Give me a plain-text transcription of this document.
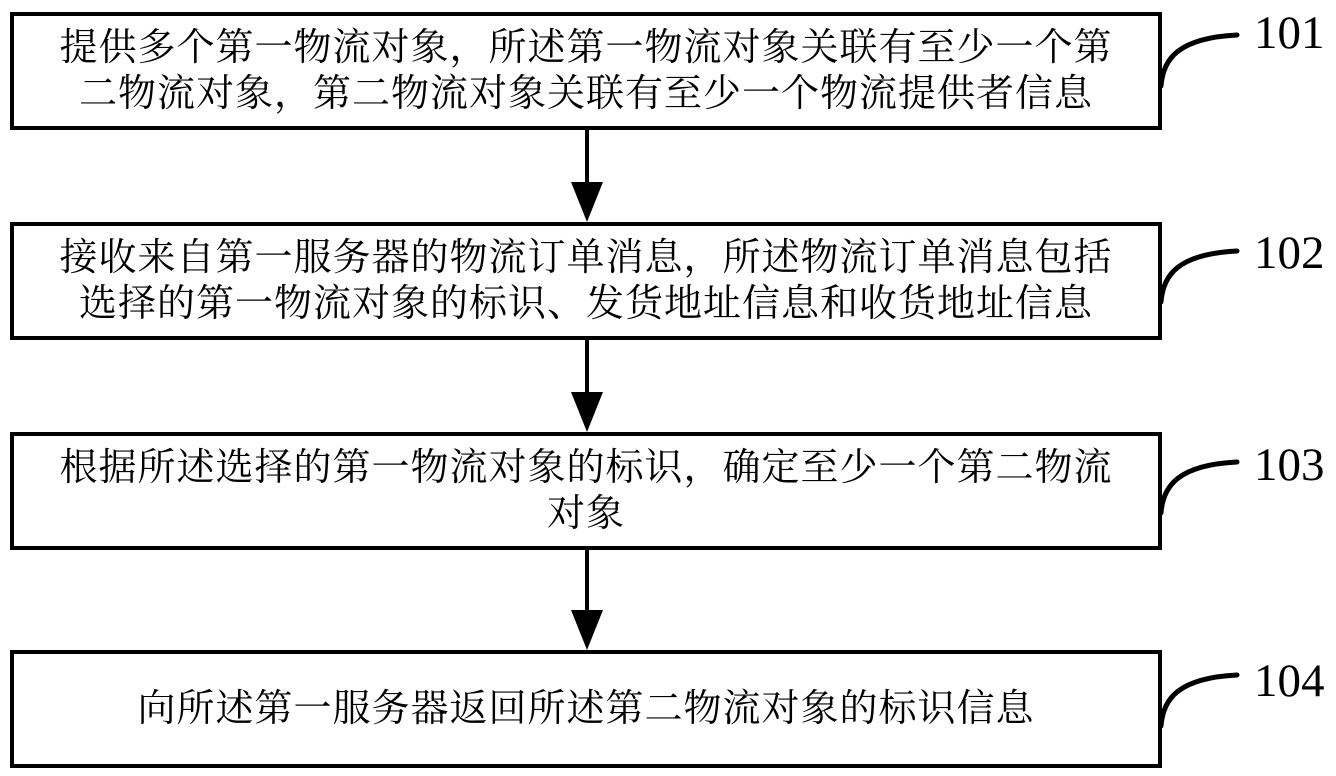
提供多个第一物流对象，所述第一物流对象关联有至少一个第
二物流对象，第二物流对象关联有至少一个物流提供者信息
接收来自第一服务器的物流订单消息，所述物流订单消息包括
选择的第一物流对象的标识、发货地址信息和收货地址信息
根据所述选择的第一物流对象的标识，确定至少一个第二物流
对象
向所述第一服务器返回所述第二物流对象的标识信息
101
102
103
104
